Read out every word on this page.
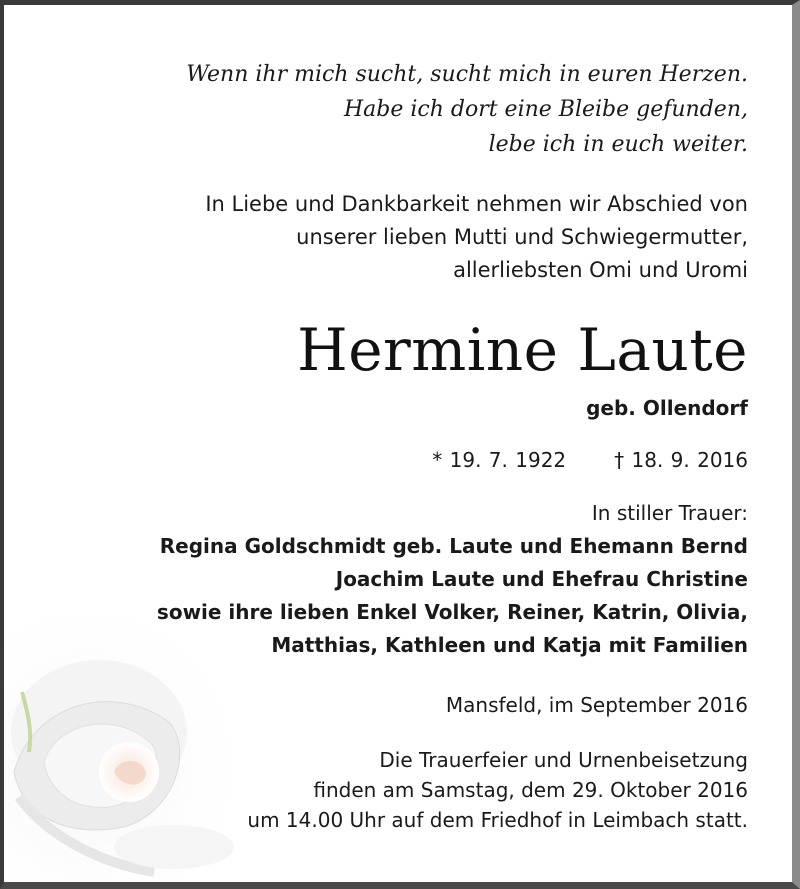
Wenn ihr mich sucht, sucht mich in euren Herzen.
Habe ich dort eine Bleibe gefunden,
lebe ich in euch weiter.
In Liebe und Dankbarkeit nehmen wir Abschied von
unserer lieben Mutti und Schwiegermutter,
allerliebsten Omi und Uromi
Hermine Laute
geb. Ollendorf
* 19. 7. 1922 † 18. 9. 2016
In stiller Trauer:
Regina Goldschmidt geb. Laute und Ehemann Bernd
Joachim Laute und Ehefrau Christine
sowie ihre lieben Enkel Volker, Reiner, Katrin, Olivia,
Matthias, Kathleen und Katja mit Familien
Mansfeld, im September 2016
Die Trauerfeier und Urnenbeisetzung
finden am Samstag, dem 29. Oktober 2016
um 14.00 Uhr auf dem Friedhof in Leimbach statt.
